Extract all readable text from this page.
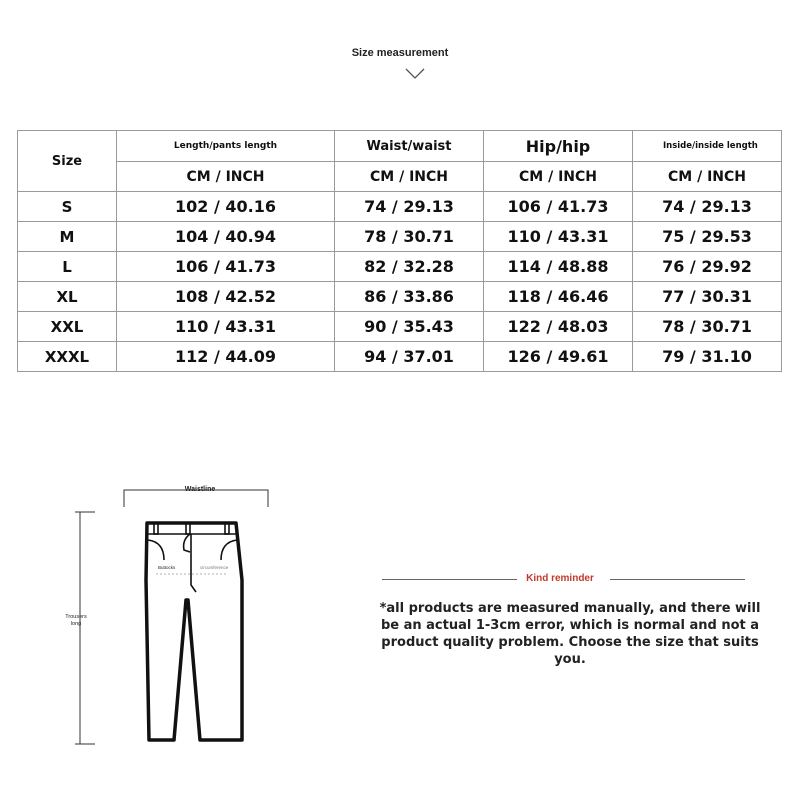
Size measurement
Size	Length/pants length	Waist/waist	Hip/hip	Inside/inside length
	CM / INCH	CM / INCH	CM / INCH	CM / INCH
S	102 / 40.16	74 / 29.13	106 / 41.73	74 / 29.13
M	104 / 40.94	78 / 30.71	110 / 43.31	75 / 29.53
L	106 / 41.73	82 / 32.28	114 / 48.88	76 / 29.92
XL	108 / 42.52	86 / 33.86	118 / 46.46	77 / 30.31
XXL	110 / 43.31	90 / 35.43	122 / 48.03	78 / 30.71
XXXL	112 / 44.09	94 / 37.01	126 / 49.61	79 / 31.10
Waistline
Trousers
long
Buttocks	circumference
Kind reminder
*all products are measured manually, and there will be an actual 1-3cm error, which is normal and not a product quality problem. Choose the size that suits you.
